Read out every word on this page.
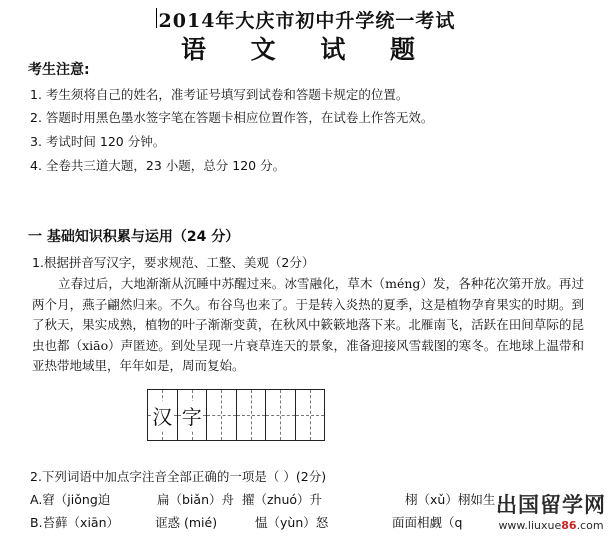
2014年大庆市初中升学统一考试
语 文 试 题
考生注意:
1. 考生须将自己的姓名，准考证号填写到试卷和答题卡规定的位置。
2. 答题时用黑色墨水签字笔在答题卡相应位置作答，在试卷上作答无效。
3. 考试时间 120 分钟。
4. 全卷共三道大题，23 小题，总分 120 分。
一 基础知识积累与运用（24 分）
1.根据拼音写汉字，要求规范、工整、美观（2分）
立春过后，大地渐渐从沉睡中苏醒过来。冰雪融化，草木（méng）发，各种花次第开放。再过两个月，燕子翩然归来。不久。布谷鸟也来了。于是转入炎热的夏季，这是植物孕育果实的时期。到了秋天，果实成熟，植物的叶子渐渐变黄，在秋风中簌簌地落下来。北雁南飞，活跃在田间草际的昆虫也都（xiāo）声匿迹。到处呈现一片衰草连天的景象，准备迎接风雪载图的寒冬。在地球上温带和亚热带地域里，年年如是，周而复始。
汉 字
2.下列词语中加点字注音全部正确的一项是（ ）(2分)
A.窘（jiǒng迫	扁（biǎn）舟 擢（zhuó）升	栩（xǔ）栩如生
B.苔藓（xiān）	诓惑 (mié)	愠（yùn）怒	面面相觑（q
出国留学网
www.liuxue86.com
